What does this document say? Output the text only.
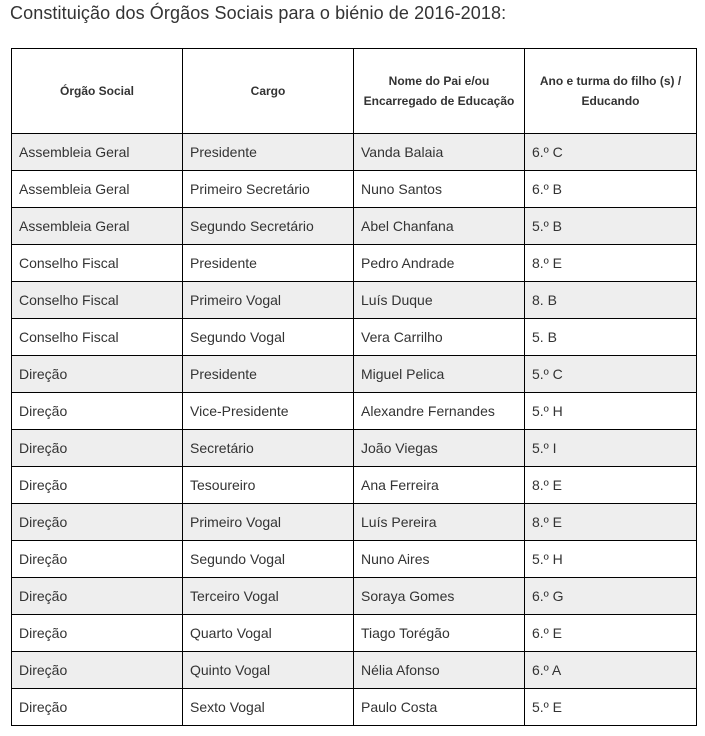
Constituição dos Órgãos Sociais para o biénio de 2016-2018:
Órgão Social	Cargo	Nome do Pai e/ou Encarregado de Educação	Ano e turma do filho (s) / Educando
Assembleia Geral	Presidente	Vanda Balaia	6.º C
Assembleia Geral	Primeiro Secretário	Nuno Santos	6.º B
Assembleia Geral	Segundo Secretário	Abel Chanfana	5.º B
Conselho Fiscal	Presidente	Pedro Andrade	8.º E
Conselho Fiscal	Primeiro Vogal	Luís Duque	8. B
Conselho Fiscal	Segundo Vogal	Vera Carrilho	5. B
Direção	Presidente	Miguel Pelica	5.º C
Direção	Vice-Presidente	Alexandre Fernandes	5.º H
Direção	Secretário	João Viegas	5.º I
Direção	Tesoureiro	Ana Ferreira	8.º E
Direção	Primeiro Vogal	Luís Pereira	8.º E
Direção	Segundo Vogal	Nuno Aires	5.º H
Direção	Terceiro Vogal	Soraya Gomes	6.º G
Direção	Quarto Vogal	Tiago Torégão	6.º E
Direção	Quinto Vogal	Nélia Afonso	6.º A
Direção	Sexto Vogal	Paulo Costa	5.º E
